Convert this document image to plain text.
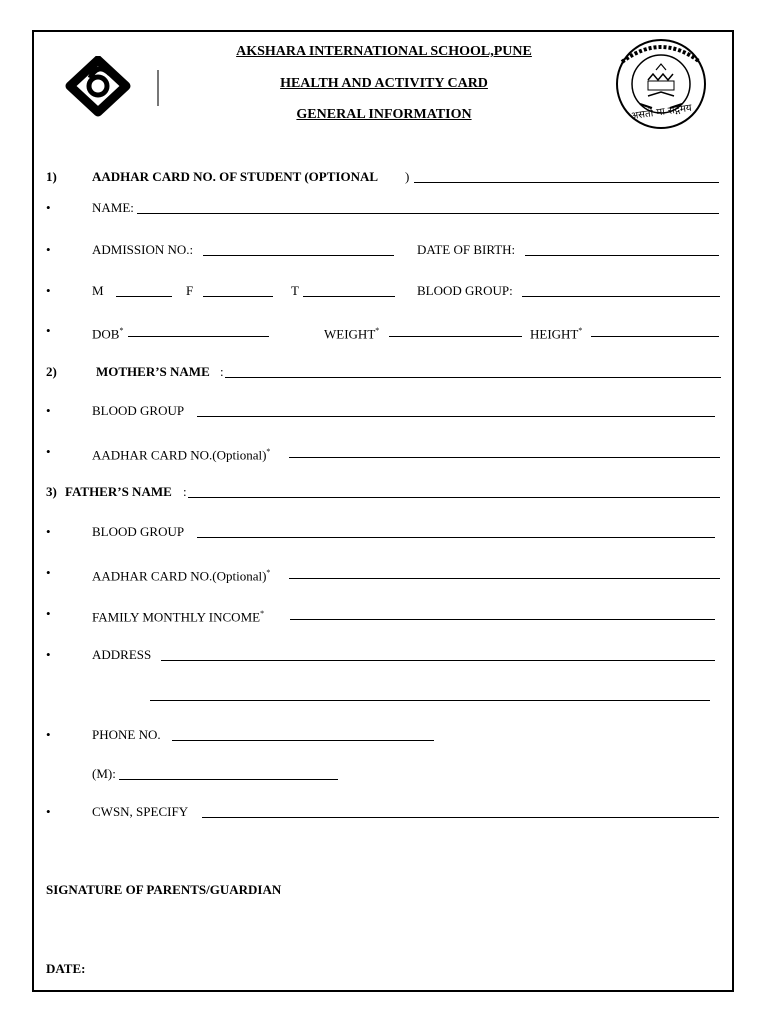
असतो मा सद्गमय
AKSHARA INTERNATIONAL SCHOOL,PUNE
HEALTH AND ACTIVITY CARD
GENERAL INFORMATION
1)	AADHAR CARD NO. OF STUDENT (OPTIONAL )
•	NAME:
•	ADMISSION NO.:	DATE OF BIRTH:
•	M	F	T	BLOOD GROUP:
•	DOB*	WEIGHT*	HEIGHT*
2)	MOTHER’S NAME :
•	BLOOD GROUP
•	AADHAR CARD NO.(Optional)*
3) FATHER’S NAME :
•	BLOOD GROUP
•	AADHAR CARD NO.(Optional)*
•	FAMILY MONTHLY INCOME*
•	ADDRESS
•	PHONE NO.
(M):
•	CWSN, SPECIFY
SIGNATURE OF PARENTS/GUARDIAN
DATE:
